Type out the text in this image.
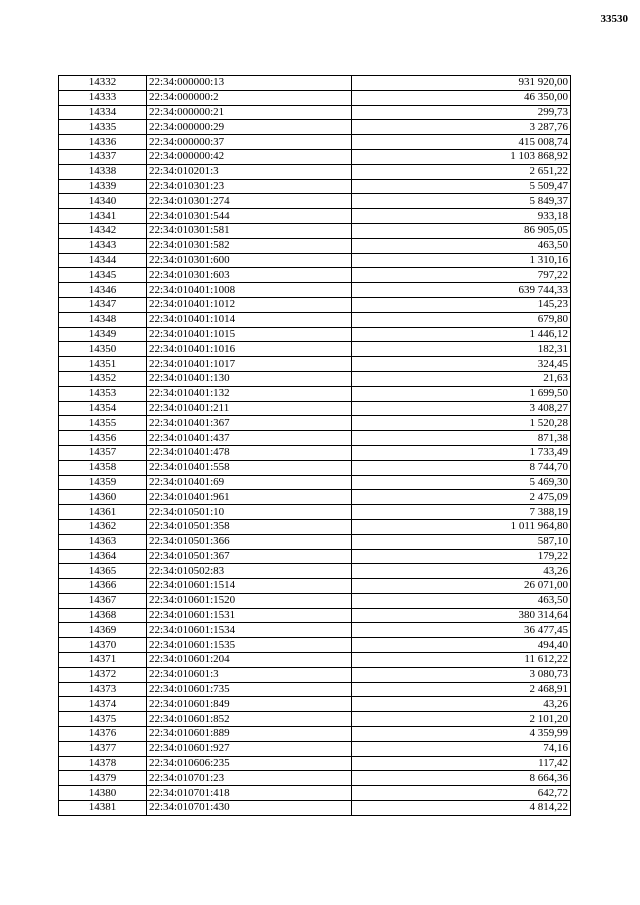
33530
14332	22:34:000000:13	931 920,00
14333	22:34:000000:2	46 350,00
14334	22:34:000000:21	299,73
14335	22:34:000000:29	3 287,76
14336	22:34:000000:37	415 008,74
14337	22:34:000000:42	1 103 868,92
14338	22:34:010201:3	2 651,22
14339	22:34:010301:23	5 509,47
14340	22:34:010301:274	5 849,37
14341	22:34:010301:544	933,18
14342	22:34:010301:581	86 905,05
14343	22:34:010301:582	463,50
14344	22:34:010301:600	1 310,16
14345	22:34:010301:603	797,22
14346	22:34:010401:1008	639 744,33
14347	22:34:010401:1012	145,23
14348	22:34:010401:1014	679,80
14349	22:34:010401:1015	1 446,12
14350	22:34:010401:1016	182,31
14351	22:34:010401:1017	324,45
14352	22:34:010401:130	21,63
14353	22:34:010401:132	1 699,50
14354	22:34:010401:211	3 408,27
14355	22:34:010401:367	1 520,28
14356	22:34:010401:437	871,38
14357	22:34:010401:478	1 733,49
14358	22:34:010401:558	8 744,70
14359	22:34:010401:69	5 469,30
14360	22:34:010401:961	2 475,09
14361	22:34:010501:10	7 388,19
14362	22:34:010501:358	1 011 964,80
14363	22:34:010501:366	587,10
14364	22:34:010501:367	179,22
14365	22:34:010502:83	43,26
14366	22:34:010601:1514	26 071,00
14367	22:34:010601:1520	463,50
14368	22:34:010601:1531	380 314,64
14369	22:34:010601:1534	36 477,45
14370	22:34:010601:1535	494,40
14371	22:34:010601:204	11 612,22
14372	22:34:010601:3	3 080,73
14373	22:34:010601:735	2 468,91
14374	22:34:010601:849	43,26
14375	22:34:010601:852	2 101,20
14376	22:34:010601:889	4 359,99
14377	22:34:010601:927	74,16
14378	22:34:010606:235	117,42
14379	22:34:010701:23	8 664,36
14380	22:34:010701:418	642,72
14381	22:34:010701:430	4 814,22
